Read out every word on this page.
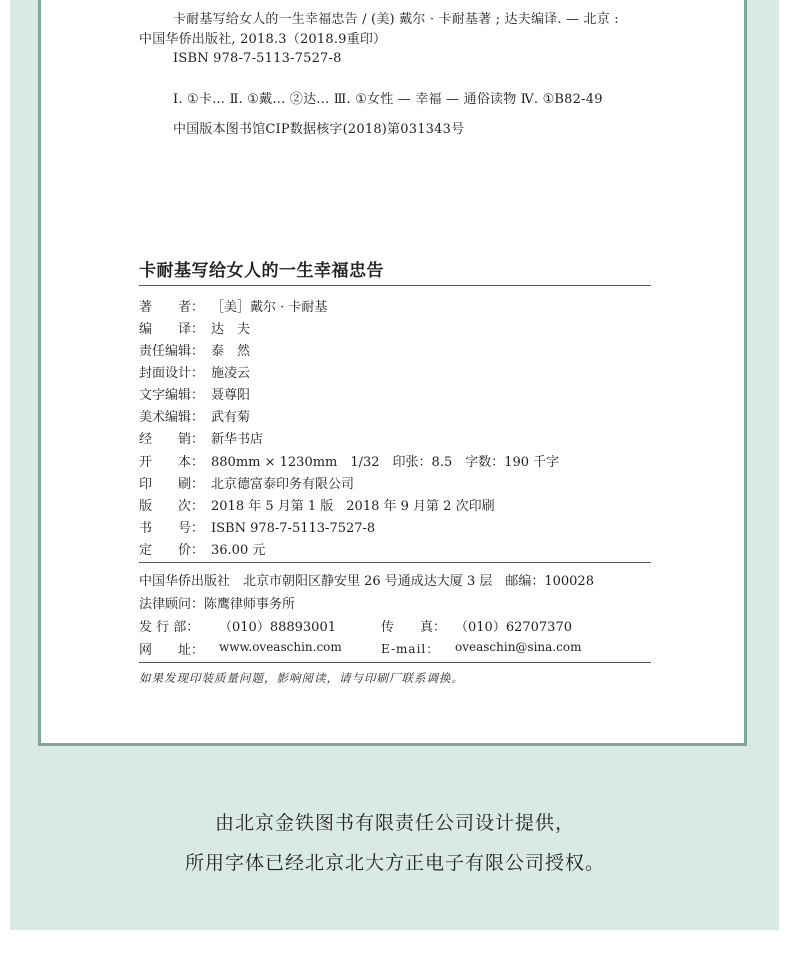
卡耐基写给女人的一生幸福忠告 / (美) 戴尔 · 卡耐基著 ; 达夫编译. — 北京 :
中国华侨出版社, 2018.3（2018.9重印）
ISBN 978-7-5113-7527-8
Ⅰ. ①卡… Ⅱ. ①戴… ②达… Ⅲ. ①女性 — 幸福 — 通俗读物 Ⅳ. ①B82-49
中国版本图书馆CIP数据核字(2018)第031343号
卡耐基写给女人的一生幸福忠告
著　　者： ［美］戴尔 · 卡耐基
编　　译： 达　夫
责任编辑： 泰　然
封面设计： 施凌云
文字编辑： 聂尊阳
美术编辑： 武有菊
经　　销： 新华书店
开　　本： 880mm × 1230mm　1/32　印张：8.5　字数：190 千字
印　　刷： 北京德富泰印务有限公司
版　　次： 2018 年 5 月第 1 版　2018 年 9 月第 2 次印刷
书　　号： ISBN 978-7-5113-7527-8
定　　价： 36.00 元
中国华侨出版社　北京市朝阳区静安里 26 号通成达大厦 3 层　邮编：100028
法律顾问：陈鹰律师事务所
发 行 部： （010）88893001	传　　真： （010）62707370
网　　址： www.oveaschin.com	E-mail： oveaschin@sina.com
如果发现印装质量问题，影响阅读，请与印刷厂联系调换。
由北京金铁图书有限责任公司设计提供，
所用字体已经北京北大方正电子有限公司授权。
